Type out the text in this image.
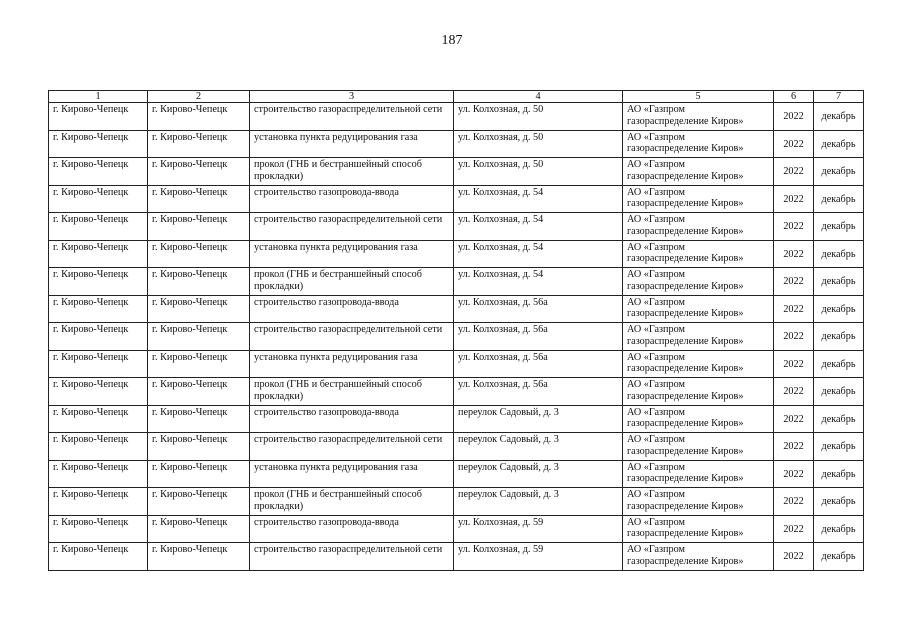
187
1	2	3	4	5	6	7
г. Кирово-Чепецк	г. Кирово-Чепецк	строительство газораспределительной сети	ул. Колхозная, д. 50	АО «Газпром газораспределение Киров»	2022	декабрь
г. Кирово-Чепецк	г. Кирово-Чепецк	установка пункта редуцирования газа	ул. Колхозная, д. 50	АО «Газпром газораспределение Киров»	2022	декабрь
г. Кирово-Чепецк	г. Кирово-Чепецк	прокол (ГНБ и бестраншейный способ прокладки)	ул. Колхозная, д. 50	АО «Газпром газораспределение Киров»	2022	декабрь
г. Кирово-Чепецк	г. Кирово-Чепецк	строительство газопровода-ввода	ул. Колхозная, д. 54	АО «Газпром газораспределение Киров»	2022	декабрь
г. Кирово-Чепецк	г. Кирово-Чепецк	строительство газораспределительной сети	ул. Колхозная, д. 54	АО «Газпром газораспределение Киров»	2022	декабрь
г. Кирово-Чепецк	г. Кирово-Чепецк	установка пункта редуцирования газа	ул. Колхозная, д. 54	АО «Газпром газораспределение Киров»	2022	декабрь
г. Кирово-Чепецк	г. Кирово-Чепецк	прокол (ГНБ и бестраншейный способ прокладки)	ул. Колхозная, д. 54	АО «Газпром газораспределение Киров»	2022	декабрь
г. Кирово-Чепецк	г. Кирово-Чепецк	строительство газопровода-ввода	ул. Колхозная, д. 56а	АО «Газпром газораспределение Киров»	2022	декабрь
г. Кирово-Чепецк	г. Кирово-Чепецк	строительство газораспределительной сети	ул. Колхозная, д. 56а	АО «Газпром газораспределение Киров»	2022	декабрь
г. Кирово-Чепецк	г. Кирово-Чепецк	установка пункта редуцирования газа	ул. Колхозная, д. 56а	АО «Газпром газораспределение Киров»	2022	декабрь
г. Кирово-Чепецк	г. Кирово-Чепецк	прокол (ГНБ и бестраншейный способ прокладки)	ул. Колхозная, д. 56а	АО «Газпром газораспределение Киров»	2022	декабрь
г. Кирово-Чепецк	г. Кирово-Чепецк	строительство газопровода-ввода	переулок Садовый, д. 3	АО «Газпром газораспределение Киров»	2022	декабрь
г. Кирово-Чепецк	г. Кирово-Чепецк	строительство газораспределительной сети	переулок Садовый, д. 3	АО «Газпром газораспределение Киров»	2022	декабрь
г. Кирово-Чепецк	г. Кирово-Чепецк	установка пункта редуцирования газа	переулок Садовый, д. 3	АО «Газпром газораспределение Киров»	2022	декабрь
г. Кирово-Чепецк	г. Кирово-Чепецк	прокол (ГНБ и бестраншейный способ прокладки)	переулок Садовый, д. 3	АО «Газпром газораспределение Киров»	2022	декабрь
г. Кирово-Чепецк	г. Кирово-Чепецк	строительство газопровода-ввода	ул. Колхозная, д. 59	АО «Газпром газораспределение Киров»	2022	декабрь
г. Кирово-Чепецк	г. Кирово-Чепецк	строительство газораспределительной сети	ул. Колхозная, д. 59	АО «Газпром газораспределение Киров»	2022	декабрь
